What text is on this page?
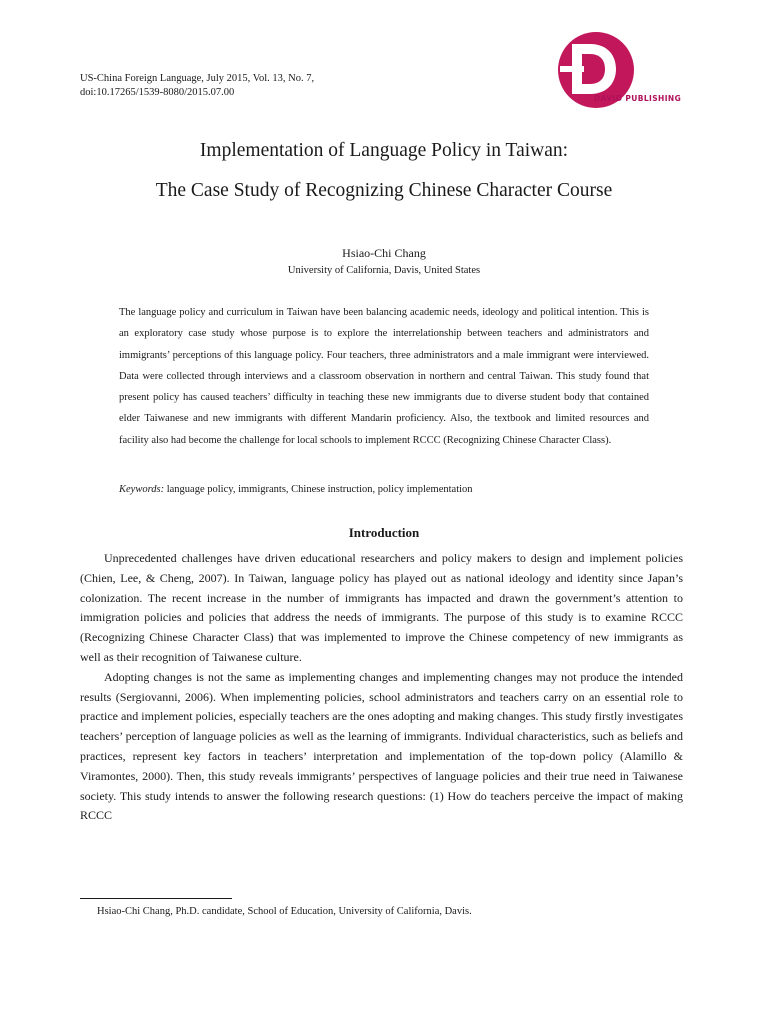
US-China Foreign Language, July 2015, Vol. 13, No. 7,
doi:10.17265/1539-8080/2015.07.00
DAVID PUBLISHING
Implementation of Language Policy in Taiwan:
The Case Study of Recognizing Chinese Character Course
Hsiao-Chi Chang
University of California, Davis, United States

The language policy and curriculum in Taiwan have been balancing academic needs, ideology and political intention. This is an exploratory case study whose purpose is to explore the interrelationship between teachers and administrators and immigrants’ perceptions of this language policy. Four teachers, three administrators and a male immigrant were interviewed. Data were collected through interviews and a classroom observation in northern and central Taiwan. This study found that present policy has caused teachers’ difficulty in teaching these new immigrants due to diverse student body that contained elder Taiwanese and new immigrants with different Mandarin proficiency. Also, the textbook and limited resources and facility also had become the challenge for local schools to implement RCCC (Recognizing Chinese Character Class).

Keywords: language policy, immigrants, Chinese instruction, policy implementation
Introduction

Unprecedented challenges have driven educational researchers and policy makers to design and implement policies (Chien, Lee, & Cheng, 2007). In Taiwan, language policy has played out as national ideology and identity since Japan’s colonization. The recent increase in the number of immigrants has impacted and drawn the government’s attention to immigration policies and policies that address the needs of immigrants. The purpose of this study is to examine RCCC (Recognizing Chinese Character Class) that was implemented to improve the Chinese competency of new immigrants as well as their recognition of Taiwanese culture.

Adopting changes is not the same as implementing changes and implementing changes may not produce the intended results (Sergiovanni, 2006). When implementing policies, school administrators and teachers carry on an essential role to practice and implement policies, especially teachers are the ones adopting and making changes. This study firstly investigates teachers’ perception of language policies as well as the learning of immigrants. Individual characteristics, such as beliefs and practices, represent key factors in teachers’ interpretation and implementation of the top-down policy (Alamillo & Viramontes, 2000). Then, this study reveals immigrants’ perspectives of language policies and their true need in Taiwanese society. This study intends to answer the following research questions: (1) How do teachers perceive the impact of making RCCC

Hsiao-Chi Chang, Ph.D. candidate, School of Education, University of California, Davis.
